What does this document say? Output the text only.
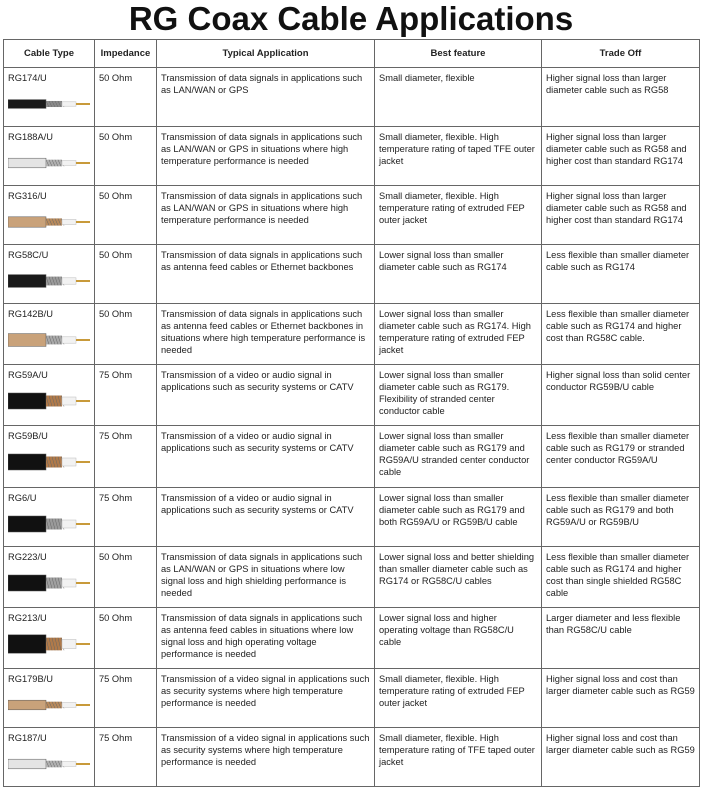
RG Coax Cable Applications
Cable Type	Impedance	Typical Application	Best feature	Trade Off

RG174/U	50 Ohm	Transmission of data signals in applications such as LAN/WAN or GPS	Small diameter, flexible	Higher signal loss than larger diameter cable such as RG58

RG188A/U	50 Ohm	Transmission of data signals in applications such as LAN/WAN or GPS in situations where high temperature performance is needed	Small diameter, flexible. High temperature rating of taped TFE outer jacket	Higher signal loss than larger diameter cable such as RG58 and higher cost than standard RG174

RG316/U	50 Ohm	Transmission of data signals in applications such as LAN/WAN or GPS in situations where high temperature performance is needed	Small diameter, flexible. High temperature rating of extruded FEP outer jacket	Higher signal loss than larger diameter cable such as RG58 and higher cost than standard RG174

RG58C/U	50 Ohm	Transmission of data signals in applications such as antenna feed cables or Ethernet backbones	Lower signal loss than smaller diameter cable such as RG174	Less flexible than smaller diameter cable such as RG174

RG142B/U	50 Ohm	Transmission of data signals in applications such as antenna feed cables or Ethernet backbones in situations where high temperature performance is needed	Lower signal loss than smaller diameter cable such as RG174. High temperature rating of extruded FEP jacket	Less flexible than smaller diameter cable such as RG174 and higher cost than RG58C cable.

RG59A/U	75 Ohm	Transmission of a video or audio signal in applications such as security systems or CATV	Lower signal loss than smaller diameter cable such as RG179. Flexibility of stranded center conductor cable	Higher signal loss than solid center conductor RG59B/U cable

RG59B/U	75 Ohm	Transmission of a video or audio signal in applications such as security systems or CATV	Lower signal loss than smaller diameter cable such as RG179 and RG59A/U stranded center conductor cable	Less flexible than smaller diameter cable such as RG179 or stranded center conductor RG59A/U

RG6/U	75 Ohm	Transmission of a video or audio signal in applications such as security systems or CATV	Lower signal loss than smaller diameter cable such as RG179 and both RG59A/U or RG59B/U cable	Less flexible than smaller diameter cable such as RG179 and both RG59A/U or RG59B/U

RG223/U	50 Ohm	Transmission of data signals in applications such as LAN/WAN or GPS in situations where low signal loss and high shielding performance is needed	Lower signal loss and better shielding than smaller diameter cable such as RG174 or RG58C/U cables	Less flexible than smaller diameter cable such as RG174 and higher cost than single shielded RG58C cable

RG213/U	50 Ohm	Transmission of data signals in applications such as antenna feed cables in situations where low signal loss and high operating voltage performance is needed	Lower signal loss and higher operating voltage than RG58C/U cable	Larger diameter and less flexible than RG58C/U cable

RG179B/U	75 Ohm	Transmission of a video signal in applications such as security systems where high temperature performance is needed	Small diameter, flexible. High temperature rating of extruded FEP outer jacket	Higher signal loss and cost than larger diameter cable such as RG59

RG187/U	75 Ohm	Transmission of a video signal in applications such as security systems where high temperature performance is needed	Small diameter, flexible. High temperature rating of TFE taped outer jacket	Higher signal loss and cost than larger diameter cable such as RG59
